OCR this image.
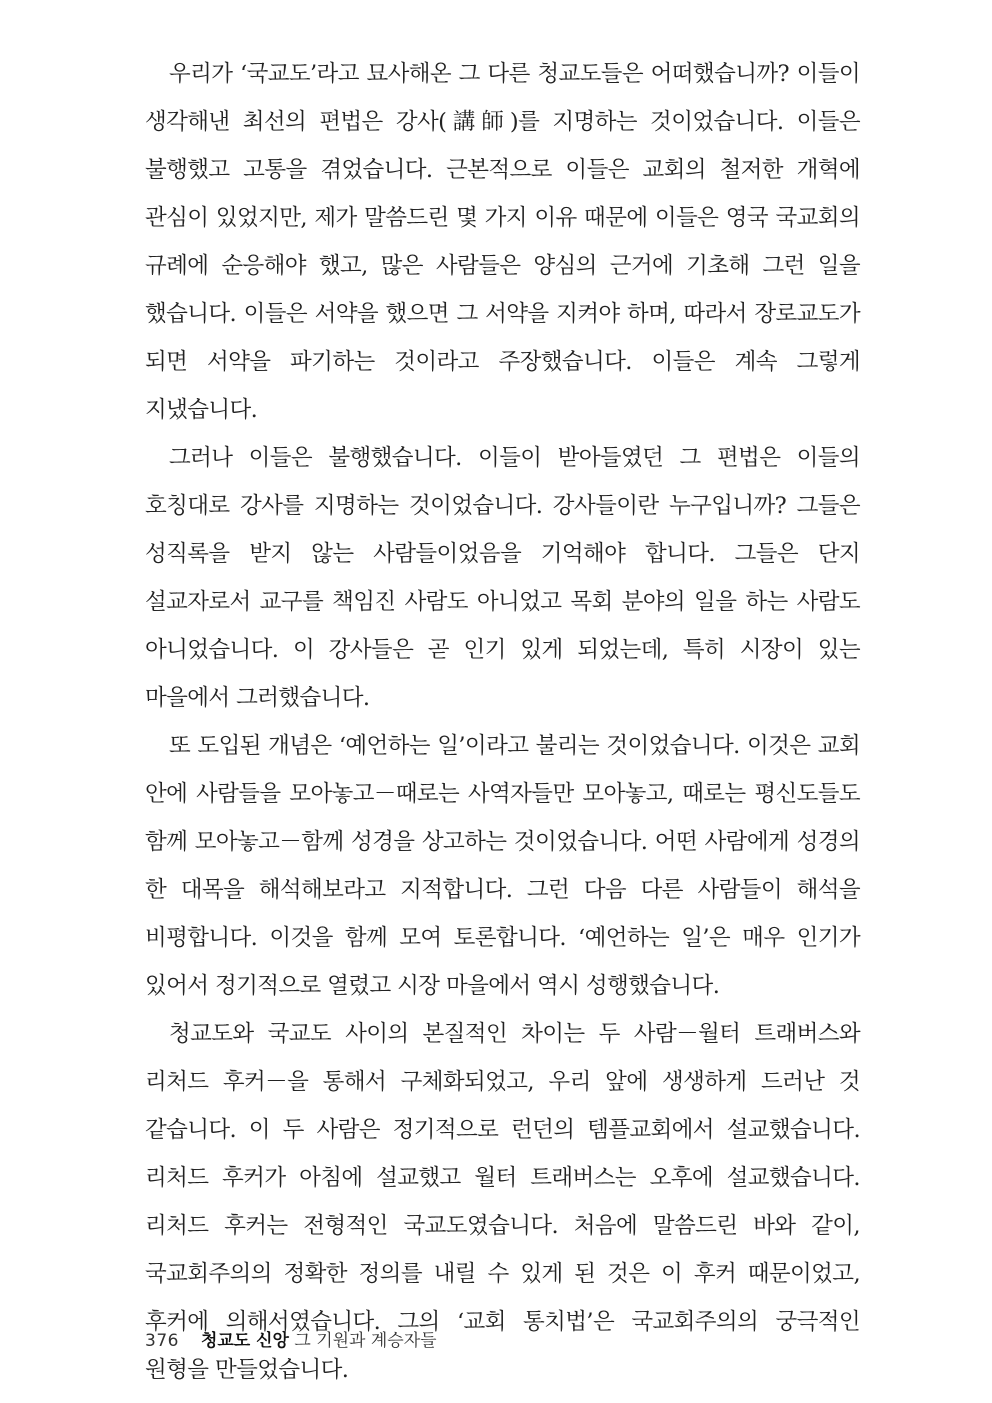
우리가 ‘국교도’라고 묘사해온 그 다른 청교도들은 어떠했습니까? 이들이 생각해낸 최선의 편법은 강사(講師)를 지명하는 것이었습니다. 이들은 불행했고 고통을 겪었습니다. 근본적으로 이들은 교회의 철저한 개혁에 관심이 있었지만, 제가 말씀드린 몇 가지 이유 때문에 이들은 영국 국교회의 규례에 순응해야 했고, 많은 사람들은 양심의 근거에 기초해 그런 일을 했습니다. 이들은 서약을 했으면 그 서약을 지켜야 하며, 따라서 장로교도가 되면 서약을 파기하는 것이라고 주장했습니다. 이들은 계속 그렇게 지냈습니다.

그러나 이들은 불행했습니다. 이들이 받아들였던 그 편법은 이들의 호칭대로 강사를 지명하는 것이었습니다. 강사들이란 누구입니까? 그들은 성직록을 받지 않는 사람들이었음을 기억해야 합니다. 그들은 단지 설교자로서 교구를 책임진 사람도 아니었고 목회 분야의 일을 하는 사람도 아니었습니다. 이 강사들은 곧 인기 있게 되었는데, 특히 시장이 있는 마을에서 그러했습니다.

또 도입된 개념은 ‘예언하는 일’이라고 불리는 것이었습니다. 이것은 교회 안에 사람들을 모아놓고－때로는 사역자들만 모아놓고, 때로는 평신도들도 함께 모아놓고－함께 성경을 상고하는 것이었습니다. 어떤 사람에게 성경의 한 대목을 해석해보라고 지적합니다. 그런 다음 다른 사람들이 해석을 비평합니다. 이것을 함께 모여 토론합니다. ‘예언하는 일’은 매우 인기가 있어서 정기적으로 열렸고 시장 마을에서 역시 성행했습니다.

청교도와 국교도 사이의 본질적인 차이는 두 사람－월터 트래버스와 리처드 후커－을 통해서 구체화되었고, 우리 앞에 생생하게 드러난 것 같습니다. 이 두 사람은 정기적으로 런던의 템플교회에서 설교했습니다. 리처드 후커가 아침에 설교했고 월터 트래버스는 오후에 설교했습니다. 리처드 후커는 전형적인 국교도였습니다. 처음에 말씀드린 바와 같이, 국교회주의의 정확한 정의를 내릴 수 있게 된 것은 이 후커 때문이었고, 후커에 의해서였습니다. 그의 ‘교회 통치법’은 국교회주의의 궁극적인 원형을 만들었습니다.

376 청교도 신앙 그 기원과 계승자들
